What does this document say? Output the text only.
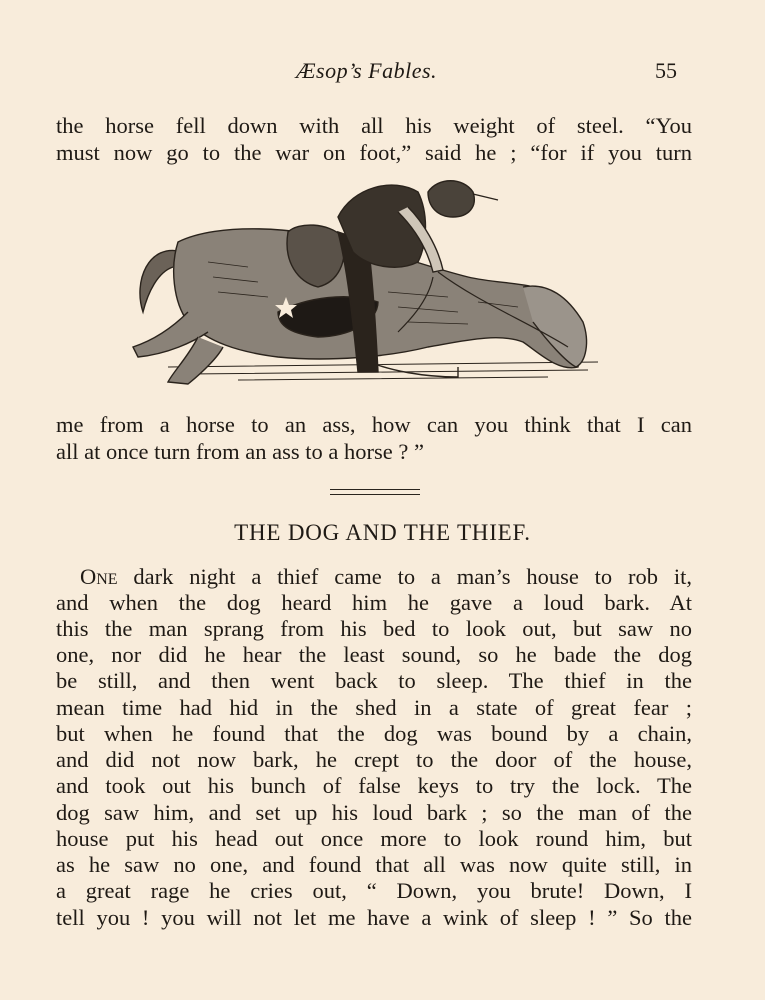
Æsop’s Fables.	55
the horse fell down with all his weight of steel. “You
must now go to the war on foot,” said he ; “for if you turn
me from a horse to an ass, how can you think that I can
all at once turn from an ass to a horse ? ”
THE DOG AND THE THIEF.
One dark night a thief came to a man’s house to rob it,
and when the dog heard him he gave a loud bark. At
this the man sprang from his bed to look out, but saw no
one, nor did he hear the least sound, so he bade the dog
be still, and then went back to sleep. The thief in the
mean time had hid in the shed in a state of great fear ;
but when he found that the dog was bound by a chain,
and did not now bark, he crept to the door of the house,
and took out his bunch of false keys to try the lock. The
dog saw him, and set up his loud bark ; so the man of the
house put his head out once more to look round him, but
as he saw no one, and found that all was now quite still, in
a great rage he cries out, “ Down, you brute! Down, I
tell you ! you will not let me have a wink of sleep ! ” So the
